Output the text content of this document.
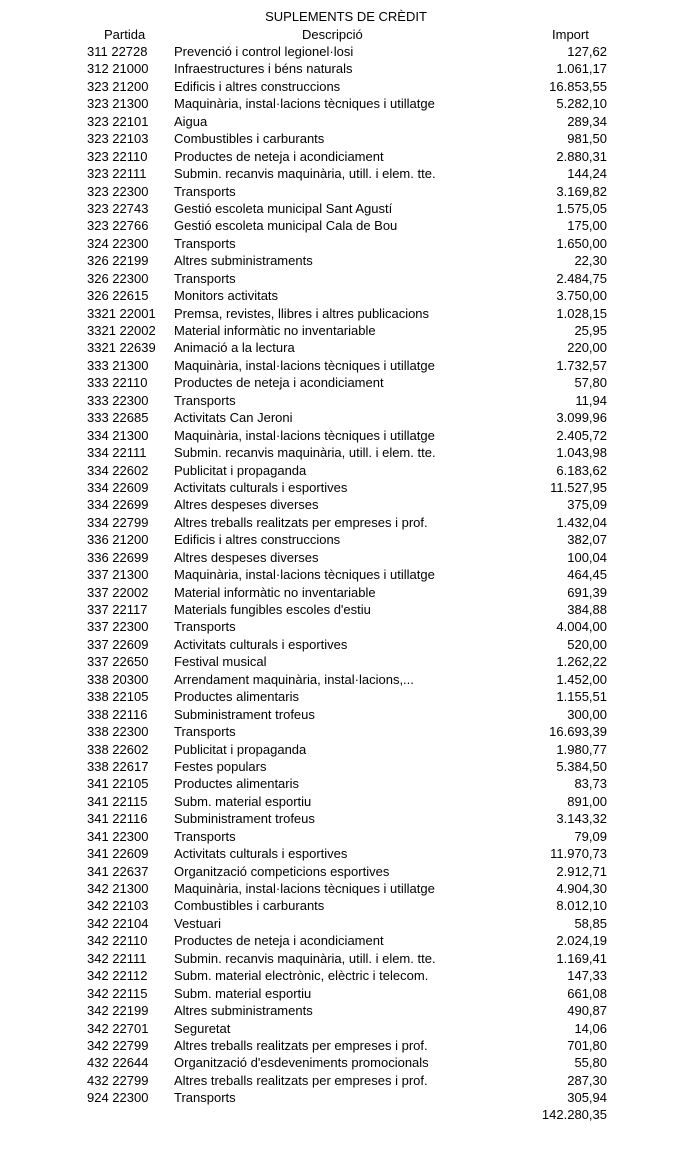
SUPLEMENTS DE CRÈDIT
Partida	Descripció	Import
311 22728 Prevenció i control legionel·losi	127,62
312 21000 Infraestructures i béns naturals	1.061,17
323 21200 Edificis i altres construccions	16.853,55
323 21300 Maquinària, instal·lacions tècniques i utillatge	5.282,10
323 22101 Aigua	289,34
323 22103 Combustibles i carburants	981,50
323 22110 Productes de neteja i acondiciament	2.880,31
323 22111 Submin. recanvis maquinària, utill. i elem. tte.	144,24
323 22300 Transports	3.169,82
323 22743 Gestió escoleta municipal Sant Agustí	1.575,05
323 22766 Gestió escoleta municipal Cala de Bou	175,00
324 22300 Transports	1.650,00
326 22199 Altres subministraments	22,30
326 22300 Transports	2.484,75
326 22615 Monitors activitats	3.750,00
3321 22001 Premsa, revistes, llibres i altres publicacions	1.028,15
3321 22002 Material informàtic no inventariable	25,95
3321 22639 Animació a la lectura	220,00
333 21300 Maquinària, instal·lacions tècniques i utillatge	1.732,57
333 22110 Productes de neteja i acondiciament	57,80
333 22300 Transports	11,94
333 22685 Activitats Can Jeroni	3.099,96
334 21300 Maquinària, instal·lacions tècniques i utillatge	2.405,72
334 22111 Submin. recanvis maquinària, utill. i elem. tte.	1.043,98
334 22602 Publicitat i propaganda	6.183,62
334 22609 Activitats culturals i esportives	11.527,95
334 22699 Altres despeses diverses	375,09
334 22799 Altres treballs realitzats per empreses i prof.	1.432,04
336 21200 Edificis i altres construccions	382,07
336 22699 Altres despeses diverses	100,04
337 21300 Maquinària, instal·lacions tècniques i utillatge	464,45
337 22002 Material informàtic no inventariable	691,39
337 22117 Materials fungibles escoles d'estiu	384,88
337 22300 Transports	4.004,00
337 22609 Activitats culturals i esportives	520,00
337 22650 Festival musical	1.262,22
338 20300 Arrendament maquinària, instal·lacions,...	1.452,00
338 22105 Productes alimentaris	1.155,51
338 22116 Subministrament trofeus	300,00
338 22300 Transports	16.693,39
338 22602 Publicitat i propaganda	1.980,77
338 22617 Festes populars	5.384,50
341 22105 Productes alimentaris	83,73
341 22115 Subm. material esportiu	891,00
341 22116 Subministrament trofeus	3.143,32
341 22300 Transports	79,09
341 22609 Activitats culturals i esportives	11.970,73
341 22637 Organització competicions esportives	2.912,71
342 21300 Maquinària, instal·lacions tècniques i utillatge	4.904,30
342 22103 Combustibles i carburants	8.012,10
342 22104 Vestuari	58,85
342 22110 Productes de neteja i acondiciament	2.024,19
342 22111 Submin. recanvis maquinària, utill. i elem. tte.	1.169,41
342 22112 Subm. material electrònic, elèctric i telecom.	147,33
342 22115 Subm. material esportiu	661,08
342 22199 Altres subministraments	490,87
342 22701 Seguretat	14,06
342 22799 Altres treballs realitzats per empreses i prof.	701,80
432 22644 Organització d'esdeveniments promocionals	55,80
432 22799 Altres treballs realitzats per empreses i prof.	287,30
924 22300 Transports	305,94
142.280,35
